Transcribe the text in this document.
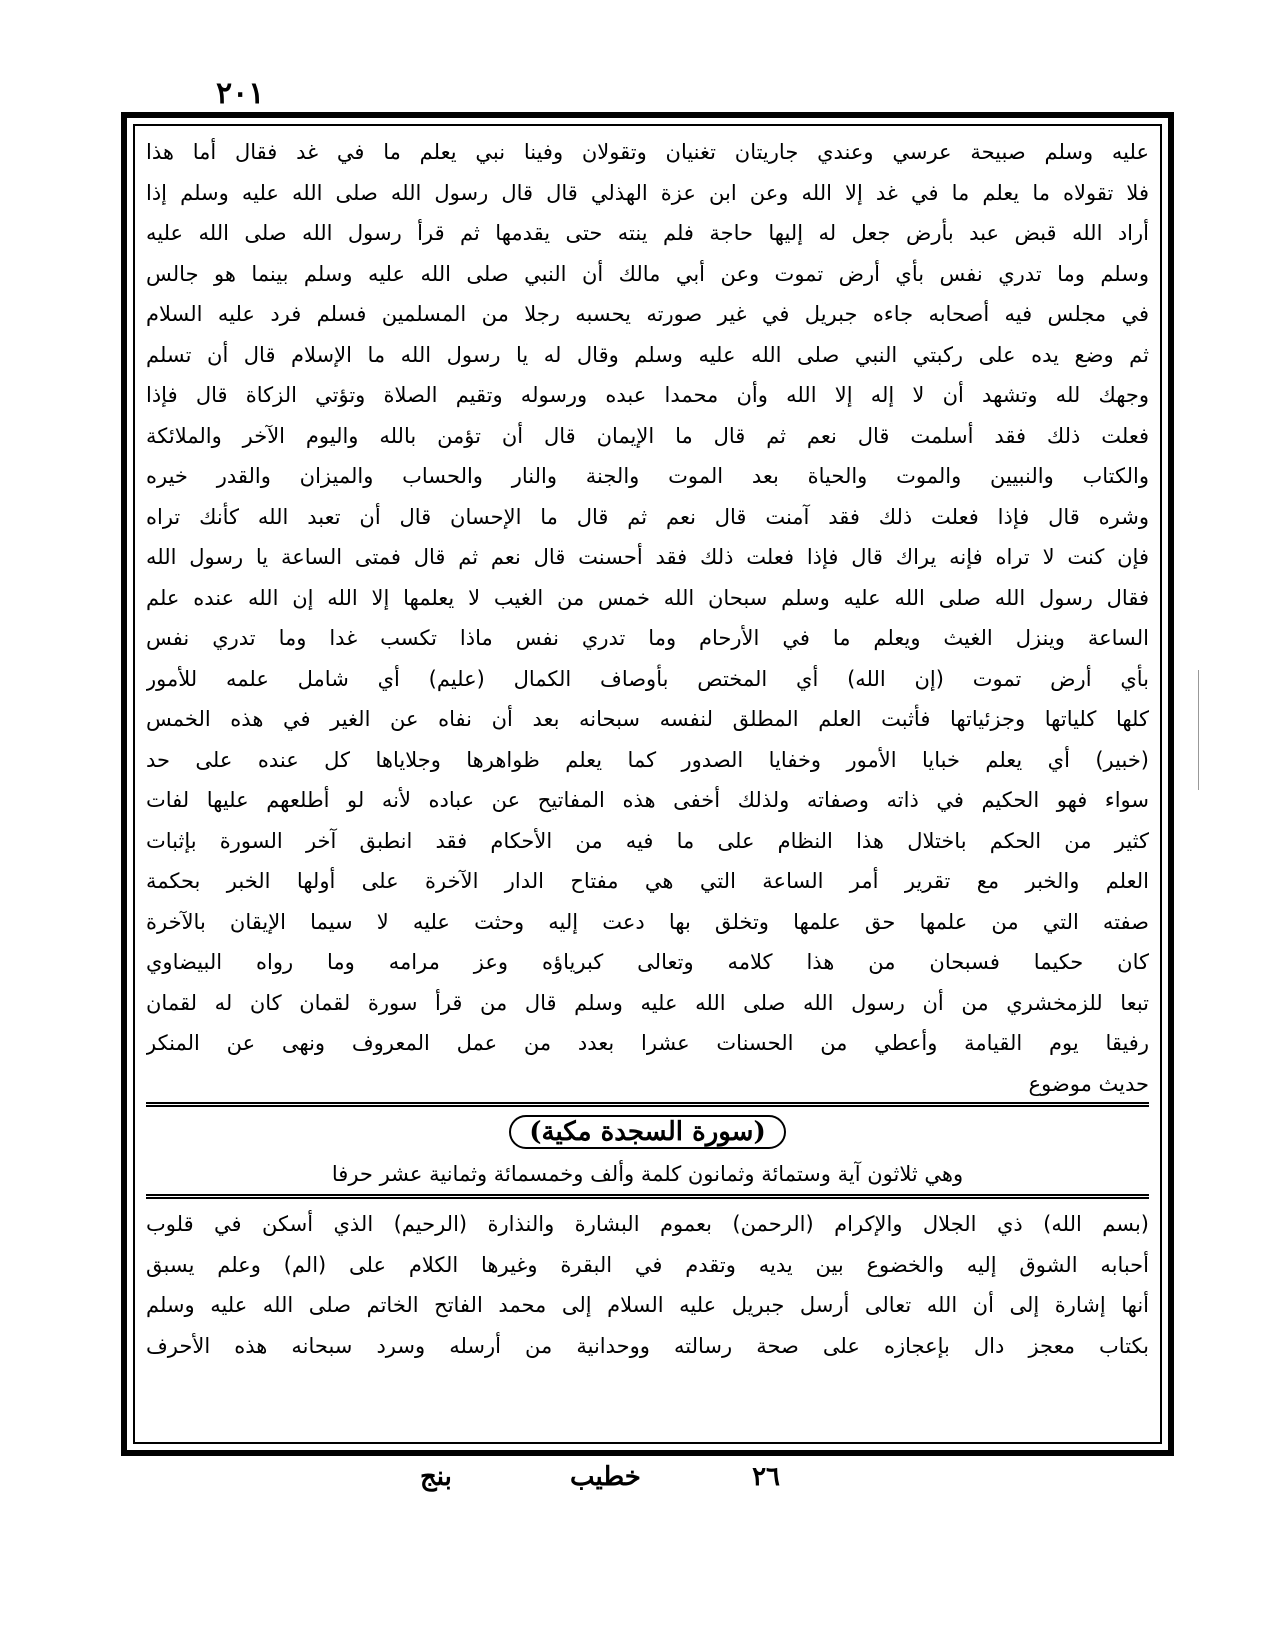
٢٠١
عليه وسلم صبيحة عرسي وعندي جاريتان تغنيان وتقولان وفينا نبي يعلم ما في غد فقال أما هذا
فلا تقولاه ما يعلم ما في غد إلا الله وعن ابن عزة الهذلي قال قال رسول الله صلى الله عليه وسلم إذا
أراد الله قبض عبد بأرض جعل له إليها حاجة فلم ينته حتى يقدمها ثم قرأ رسول الله صلى الله عليه
وسلم وما تدري نفس بأي أرض تموت وعن أبي مالك أن النبي صلى الله عليه وسلم بينما هو جالس
في مجلس فيه أصحابه جاءه جبريل في غير صورته يحسبه رجلا من المسلمين فسلم فرد عليه السلام
ثم وضع يده على ركبتي النبي صلى الله عليه وسلم وقال له يا رسول الله ما الإسلام قال أن تسلم
وجهك لله وتشهد أن لا إله إلا الله وأن محمدا عبده ورسوله وتقيم الصلاة وتؤتي الزكاة قال فإذا
فعلت ذلك فقد أسلمت قال نعم ثم قال ما الإيمان قال أن تؤمن بالله واليوم الآخر والملائكة
والكتاب والنبيين والموت والحياة بعد الموت والجنة والنار والحساب والميزان والقدر خيره
وشره قال فإذا فعلت ذلك فقد آمنت قال نعم ثم قال ما الإحسان قال أن تعبد الله كأنك تراه
فإن كنت لا تراه فإنه يراك قال فإذا فعلت ذلك فقد أحسنت قال نعم ثم قال فمتى الساعة يا رسول الله
فقال رسول الله صلى الله عليه وسلم سبحان الله خمس من الغيب لا يعلمها إلا الله إن الله عنده علم
الساعة وينزل الغيث ويعلم ما في الأرحام وما تدري نفس ماذا تكسب غدا وما تدري نفس
بأي أرض تموت (إن الله) أي المختص بأوصاف الكمال (عليم) أي شامل علمه للأمور
كلها كلياتها وجزئياتها فأثبت العلم المطلق لنفسه سبحانه بعد أن نفاه عن الغير في هذه الخمس
(خبير) أي يعلم خبايا الأمور وخفايا الصدور كما يعلم ظواهرها وجلاياها كل عنده على حد
سواء فهو الحكيم في ذاته وصفاته ولذلك أخفى هذه المفاتيح عن عباده لأنه لو أطلعهم عليها لفات
كثير من الحكم باختلال هذا النظام على ما فيه من الأحكام فقد انطبق آخر السورة بإثبات
العلم والخبر مع تقرير أمر الساعة التي هي مفتاح الدار الآخرة على أولها الخبر بحكمة
صفته التي من علمها حق علمها وتخلق بها دعت إليه وحثت عليه لا سيما الإيقان بالآخرة
كان حكيما فسبحان من هذا كلامه وتعالى كبرياؤه وعز مرامه وما رواه البيضاوي
تبعا للزمخشري من أن رسول الله صلى الله عليه وسلم قال من قرأ سورة لقمان كان له لقمان
رفيقا يوم القيامة وأعطي من الحسنات عشرا بعدد من عمل المعروف ونهى عن المنكر
حديث موضوع
(سورة السجدة مكية)
وهي ثلاثون آية وستمائة وثمانون كلمة وألف وخمسمائة وثمانية عشر حرفا
(بسم الله) ذي الجلال والإكرام (الرحمن) بعموم البشارة والنذارة (الرحيم) الذي أسكن في قلوب
أحبابه الشوق إليه والخضوع بين يديه وتقدم في البقرة وغيرها الكلام على (الم) وعلم يسبق
أنها إشارة إلى أن الله تعالى أرسل جبريل عليه السلام إلى محمد الفاتح الخاتم صلى الله عليه وسلم
بكتاب معجز دال بإعجازه على صحة رسالته ووحدانية من أرسله وسرد سبحانه هذه الأحرف
٢٦
خطيب
بنج
